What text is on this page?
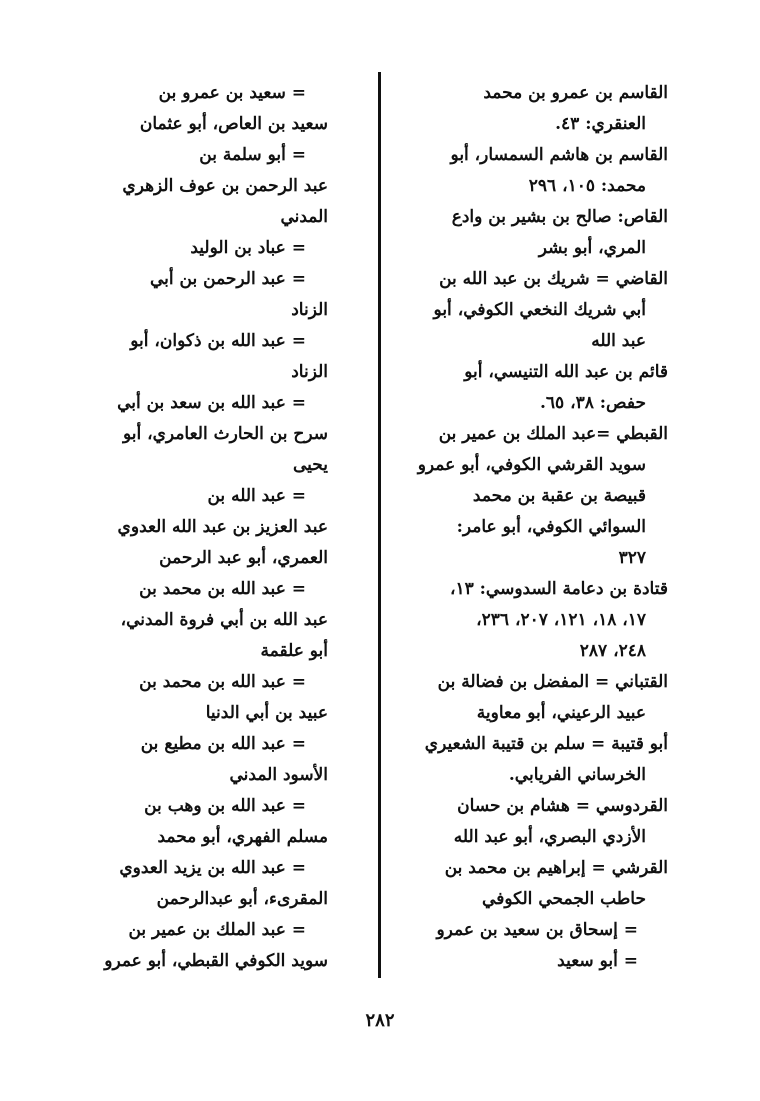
القاسم بن عمرو بن محمد
العنقري: ٤٣.
القاسم بن هاشم السمسار، أبو
محمد: ١٠٥، ٢٩٦
القاص: صالح بن بشير بن وادع
المري، أبو بشر
القاضي = شريك بن عبد الله بن
أبي شريك النخعي الكوفي، أبو
عبد الله
قائم بن عبد الله التنيسي، أبو
حفص: ٣٨، ٦٥.
القبطي =عبد الملك بن عمير بن
سويد القرشي الكوفي، أبو عمرو
قبيصة بن عقبة بن محمد
السوائي الكوفي، أبو عامر:
٣٢٧
قتادة بن دعامة السدوسي: ١٣،
١٧، ١٨، ١٢١، ٢٠٧، ٢٣٦،
٢٤٨، ٢٨٧
القتباني = المفضل بن فضالة بن
عبيد الرعيني، أبو معاوية
أبو قتيبة = سلم بن قتيبة الشعيري
الخرساني الفريابي.
القردوسي = هشام بن حسان
الأزدي البصري، أبو عبد الله
القرشي = إبراهيم بن محمد بن
حاطب الجمحي الكوفي
= إسحاق بن سعيد بن عمرو
= أبو سعيد
= سعيد بن عمرو بن
سعيد بن العاص، أبو عثمان
= أبو سلمة بن
عبد الرحمن بن عوف الزهري
المدني
= عباد بن الوليد
= عبد الرحمن بن أبي
الزناد
= عبد الله بن ذكوان، أبو
الزناد
= عبد الله بن سعد بن أبي
سرح بن الحارث العامري، أبو
يحيى
= عبد الله بن
عبد العزيز بن عبد الله العدوي
العمري، أبو عبد الرحمن
= عبد الله بن محمد بن
عبد الله بن أبي فروة المدني،
أبو علقمة
= عبد الله بن محمد بن
عبيد بن أبي الدنيا
= عبد الله بن مطيع بن
الأسود المدني
= عبد الله بن وهب بن
مسلم الفهري، أبو محمد
= عبد الله بن يزيد العدوي
المقرىء، أبو عبدالرحمن
= عبد الملك بن عمير بن
سويد الكوفي القبطي، أبو عمرو
٢٨٢
